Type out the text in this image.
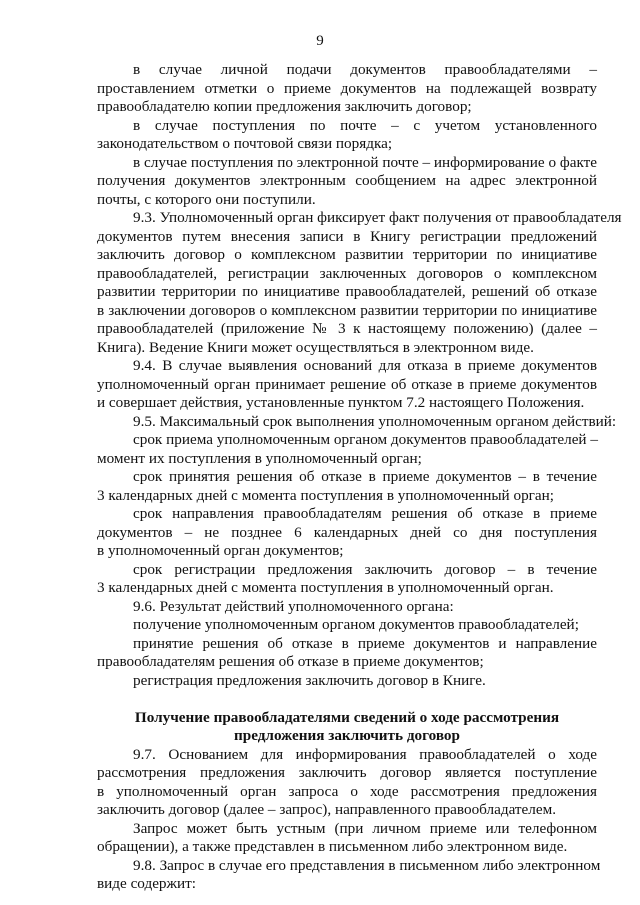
9
в случае личной подачи документов правообладателями –
проставлением отметки о приеме документов на подлежащей возврату
правообладателю копии предложения заключить договор;
в случае поступления по почте – с учетом установленного
законодательством о почтовой связи порядка;
в случае поступления по электронной почте – информирование о факте
получения документов электронным сообщением на адрес электронной
почты, с которого они поступили.
9.3. Уполномоченный орган фиксирует факт получения от правообладателя
документов путем внесения записи в Книгу регистрации предложений
заключить договор о комплексном развитии территории по инициативе
правообладателей, регистрации заключенных договоров о комплексном
развитии территории по инициативе правообладателей, решений об отказе
в заключении договоров о комплексном развитии территории по инициативе
правообладателей (приложение № 3 к настоящему положению) (далее –
Книга). Ведение Книги может осуществляться в электронном виде.
9.4. В случае выявления оснований для отказа в приеме документов
уполномоченный орган принимает решение об отказе в приеме документов
и совершает действия, установленные пунктом 7.2 настоящего Положения.
9.5. Максимальный срок выполнения уполномоченным органом действий:
срок приема уполномоченным органом документов правообладателей –
момент их поступления в уполномоченный орган;
срок принятия решения об отказе в приеме документов – в течение
3 календарных дней с момента поступления в уполномоченный орган;
срок направления правообладателям решения об отказе в приеме
документов – не позднее 6 календарных дней со дня поступления
в уполномоченный орган документов;
срок регистрации предложения заключить договор – в течение
3 календарных дней с момента поступления в уполномоченный орган.
9.6. Результат действий уполномоченного органа:
получение уполномоченным органом документов правообладателей;
принятие решения об отказе в приеме документов и направление
правообладателям решения об отказе в приеме документов;
регистрация предложения заключить договор в Книге.
Получение правообладателями сведений о ходе рассмотрения
предложения заключить договор
9.7. Основанием для информирования правообладателей о ходе
рассмотрения предложения заключить договор является поступление
в уполномоченный орган запроса о ходе рассмотрения предложения
заключить договор (далее – запрос), направленного правообладателем.
Запрос может быть устным (при личном приеме или телефонном
обращении), а также представлен в письменном либо электронном виде.
9.8. Запрос в случае его представления в письменном либо электронном
виде содержит:
